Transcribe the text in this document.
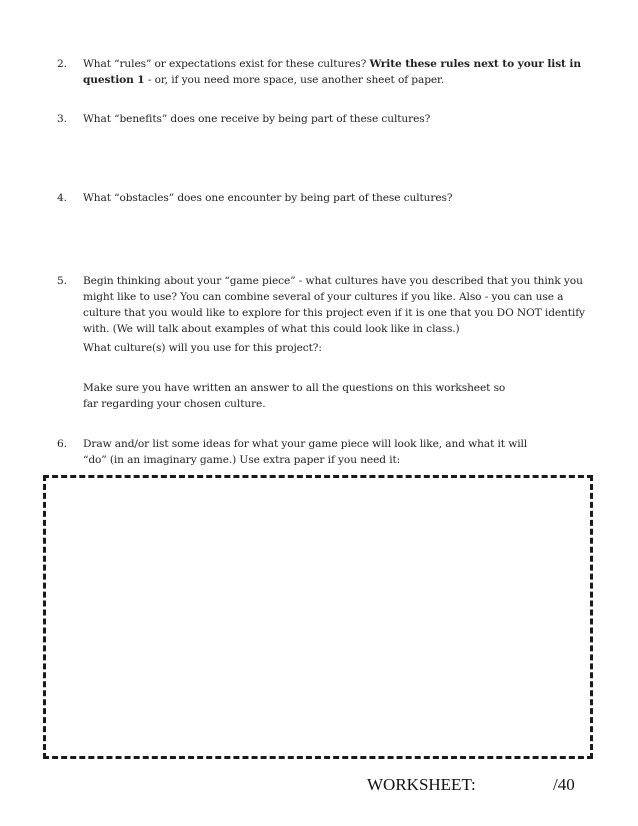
2.	What “rules” or expectations exist for these cultures? Write these rules next to your list in question 1 - or, if you need more space, use another sheet of paper.
3.	What “benefits” does one receive by being part of these cultures?
4.	What “obstacles” does one encounter by being part of these cultures?
5.	Begin thinking about your “game piece” - what cultures have you described that you think you might like to use? You can combine several of your cultures if you like. Also - you can use a culture that you would like to explore for this project even if it is one that you DO NOT identify with. (We will talk about examples of what this could look like in class.)
What culture(s) will you use for this project?:
Make sure you have written an answer to all the questions on this worksheet so far regarding your chosen culture.
6.	Draw and/or list some ideas for what your game piece will look like, and what it will “do” (in an imaginary game.) Use extra paper if you need it:
WORKSHEET:	/40
